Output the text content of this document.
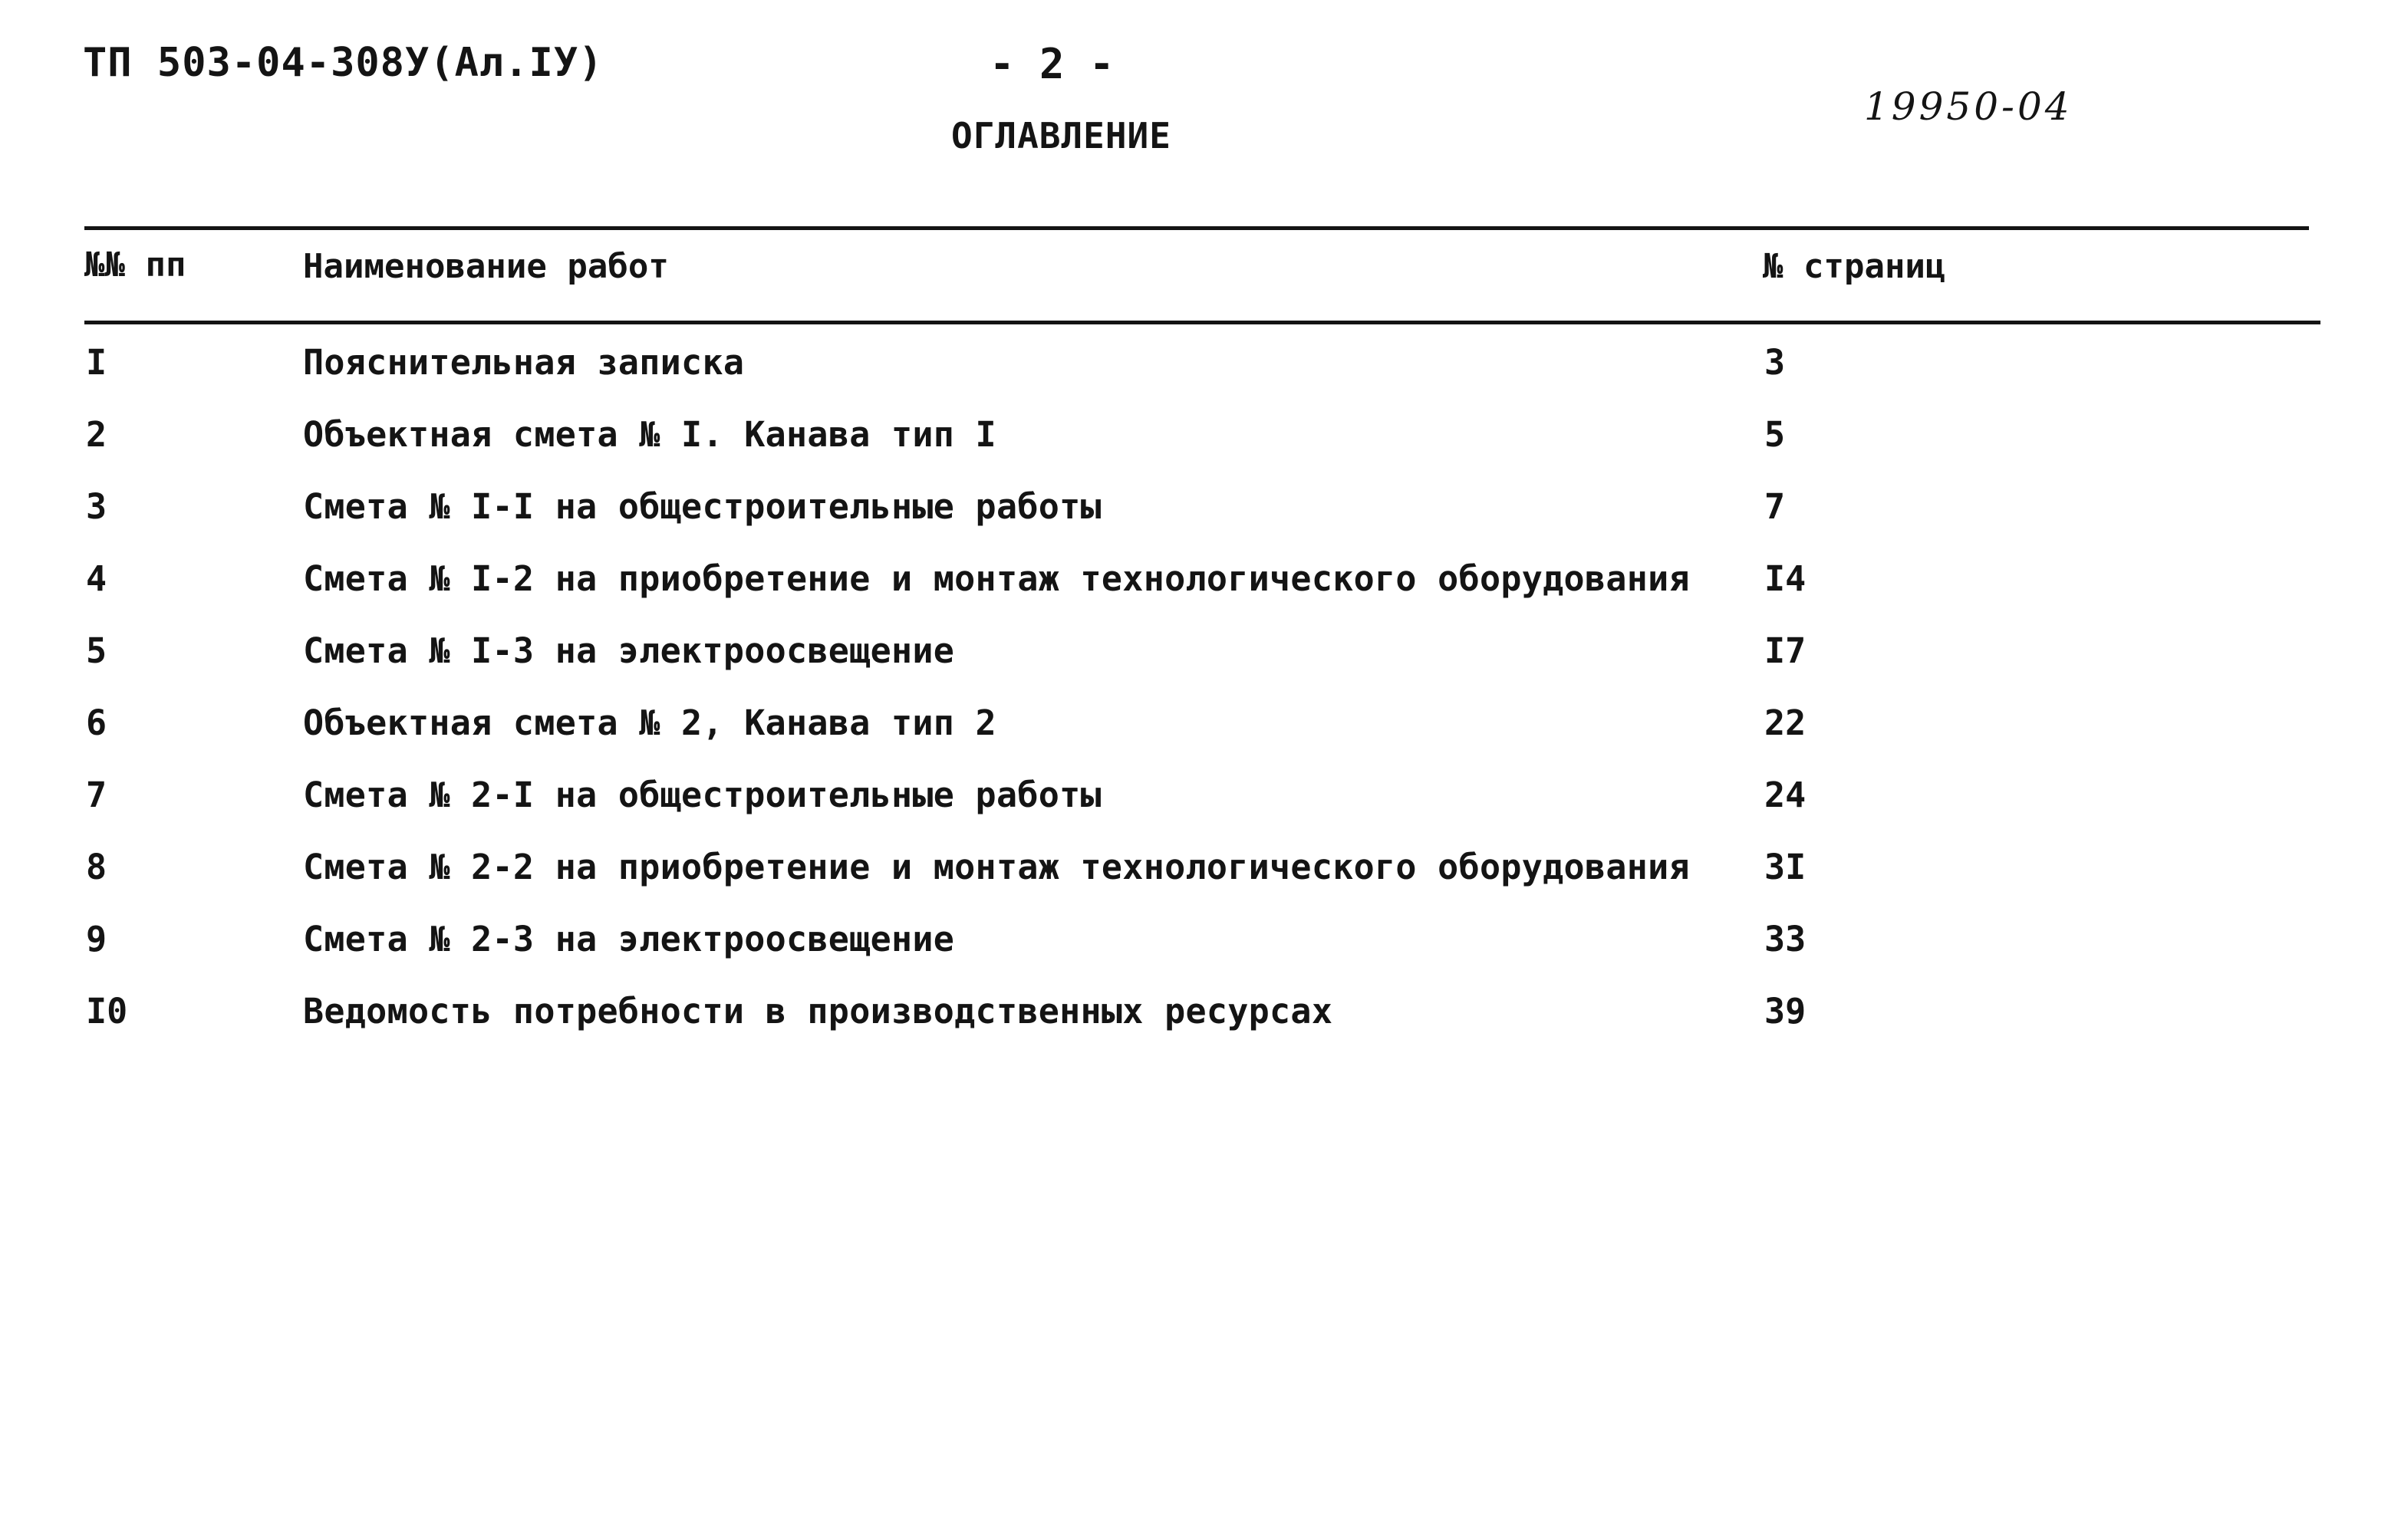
ТП 503-04-308У(Ал.IУ)	- 2 -
19950-04
ОГЛАВЛЕНИЕ
№№ пп	Наименование работ	№ страниц
I	Пояснительная записка	3
2	Объектная смета № I. Канава тип I	5
3	Смета № I-I на общестроительные работы	7
4	Смета № I-2 на приобретение и монтаж технологического оборудования I4
5	Смета № I-3 на электроосвещение	I7
6	Объектная смета № 2, Канава тип 2	22
7	Смета № 2-I на общестроительные работы	24
8	Смета № 2-2 на приобретение и монтаж технологического оборудования 3I
9	Смета № 2-3 на электроосвещение	33
I0	Ведомость потребности в производственных ресурсах	39
